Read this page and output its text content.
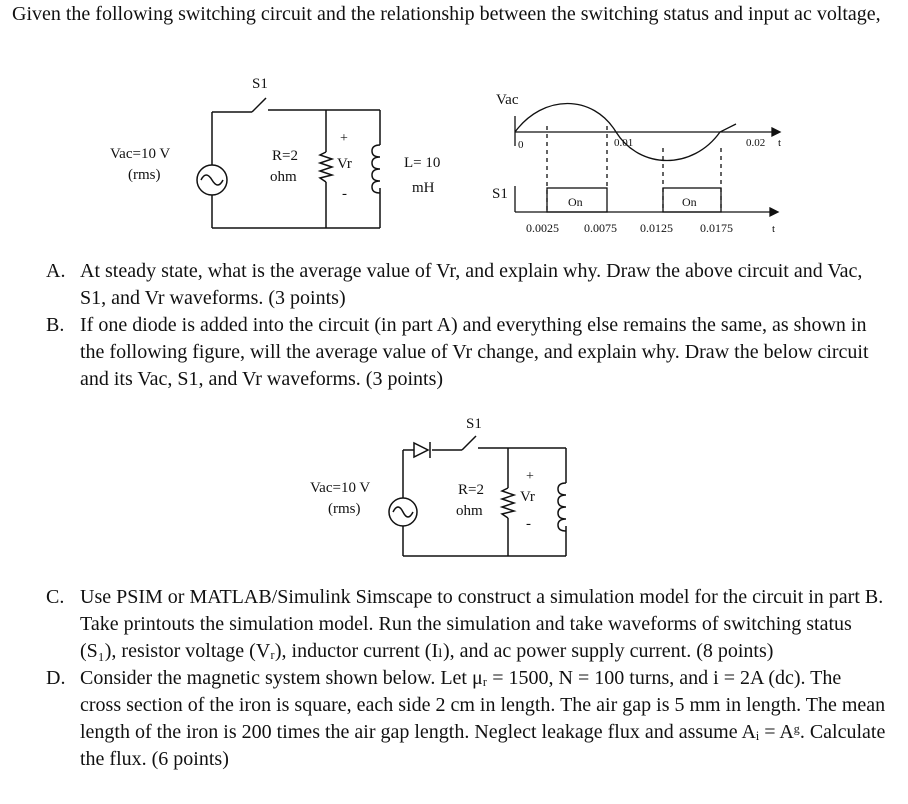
Given the following switching circuit and the relationship between the switching status and input ac voltage,
S1
Vac=10 V
(rms)
R=2
ohm
+
Vr
-
L= 10
mH
Vac
0	0.01	0.02 t
S1	On	On
0.0025 0.0075 0.0125 0.0175	t
A. At steady state, what is the average value of Vr, and explain why. Draw the above circuit and Vac, S1, and Vr waveforms. (3 points)
B. If one diode is added into the circuit (in part A) and everything else remains the same, as shown in the following figure, will the average value of Vr change, and explain why. Draw the below circuit and its Vac, S1, and Vr waveforms. (3 points)
S1
Vac=10 V
(rms)
R=2
ohm
+
Vr
-
C. Use PSIM or MATLAB/Simulink Simscape to construct a simulation model for the circuit in part B. Take printouts the simulation model. Run the simulation and take waveforms of switching status (S₁), resistor voltage (Vᵣ), inductor current (Iₗ), and ac power supply current. (8 points)
D. Consider the magnetic system shown below. Let μᵣ = 1500, N = 100 turns, and i = 2A (dc). The cross section of the iron is square, each side 2 cm in length. The air gap is 5 mm in length. The mean length of the iron is 200 times the air gap length. Neglect leakage flux and assume Aᵢ = Aᵍ. Calculate the flux. (6 points)
